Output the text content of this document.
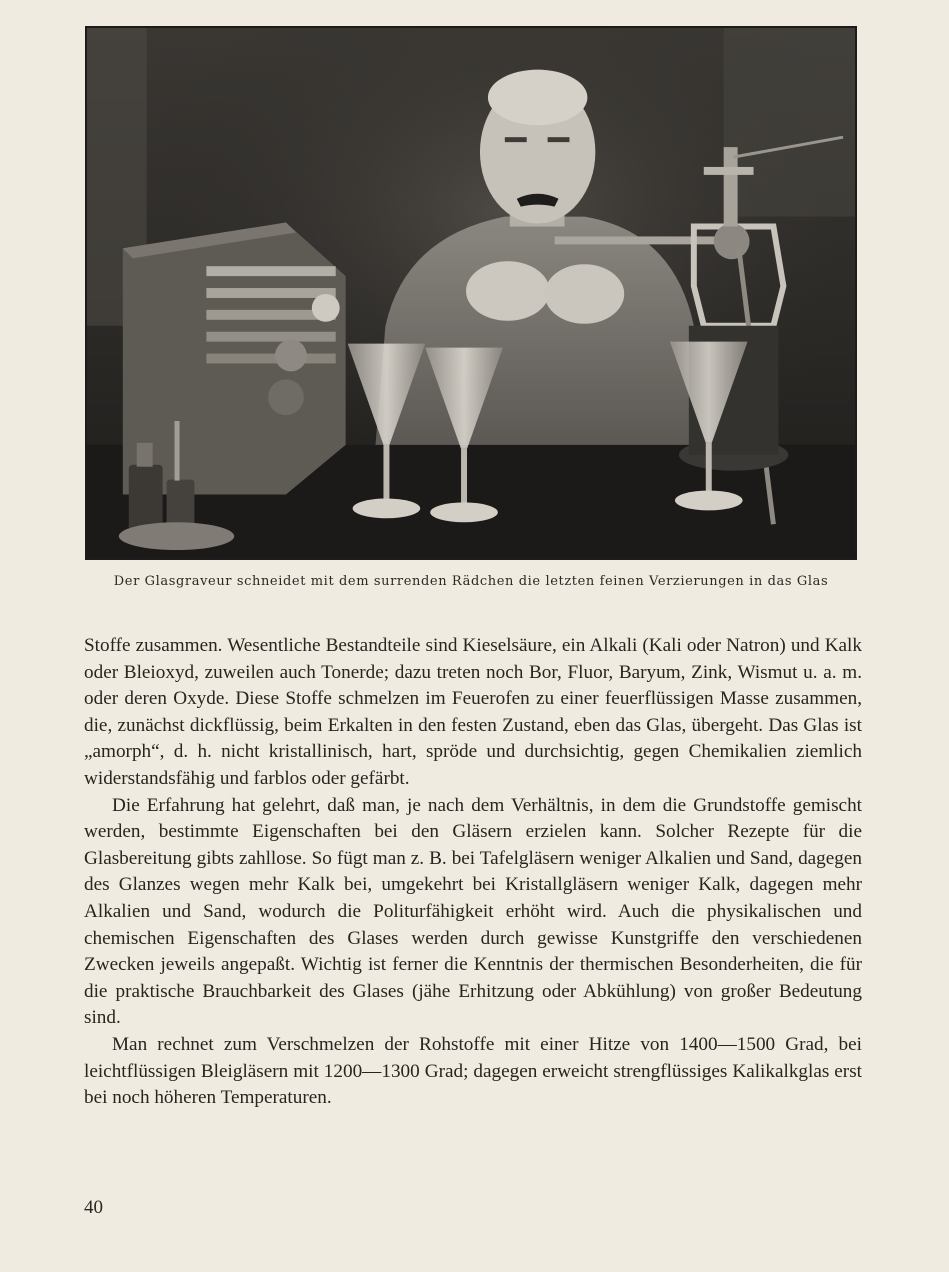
Der Glasgraveur schneidet mit dem surrenden Rädchen die letzten feinen Verzierungen in das Glas

Stoffe zusammen. Wesentliche Bestandteile sind Kieselsäure, ein Alkali (Kali oder Natron) und Kalk oder Bleioxyd, zuweilen auch Tonerde; dazu treten noch Bor, Fluor, Baryum, Zink, Wismut u. a. m. oder deren Oxyde. Diese Stoffe schmelzen im Feuerofen zu einer feuerflüssigen Masse zusammen, die, zunächst dickflüssig, beim Erkalten in den festen Zustand, eben das Glas, übergeht. Das Glas ist „amorph“, d. h. nicht kristallinisch, hart, spröde und durchsichtig, gegen Chemikalien ziemlich widerstandsfähig und farblos oder gefärbt.

Die Erfahrung hat gelehrt, daß man, je nach dem Verhältnis, in dem die Grundstoffe gemischt werden, bestimmte Eigenschaften bei den Gläsern erzielen kann. Solcher Rezepte für die Glasbereitung gibts zahllose. So fügt man z. B. bei Tafelgläsern weniger Alkalien und Sand, dagegen des Glanzes wegen mehr Kalk bei, umgekehrt bei Kristallgläsern weniger Kalk, dagegen mehr Alkalien und Sand, wodurch die Politurfähigkeit erhöht wird. Auch die physikalischen und chemischen Eigenschaften des Glases werden durch gewisse Kunstgriffe den verschiedenen Zwecken jeweils angepaßt. Wichtig ist ferner die Kenntnis der thermischen Besonderheiten, die für die praktische Brauchbarkeit des Glases (jähe Erhitzung oder Abkühlung) von großer Bedeutung sind.

Man rechnet zum Verschmelzen der Rohstoffe mit einer Hitze von 1400—1500 Grad, bei leichtflüssigen Bleigläsern mit 1200—1300 Grad; dagegen erweicht strengflüssiges Kalikalkglas erst bei noch höheren Temperaturen.

40
